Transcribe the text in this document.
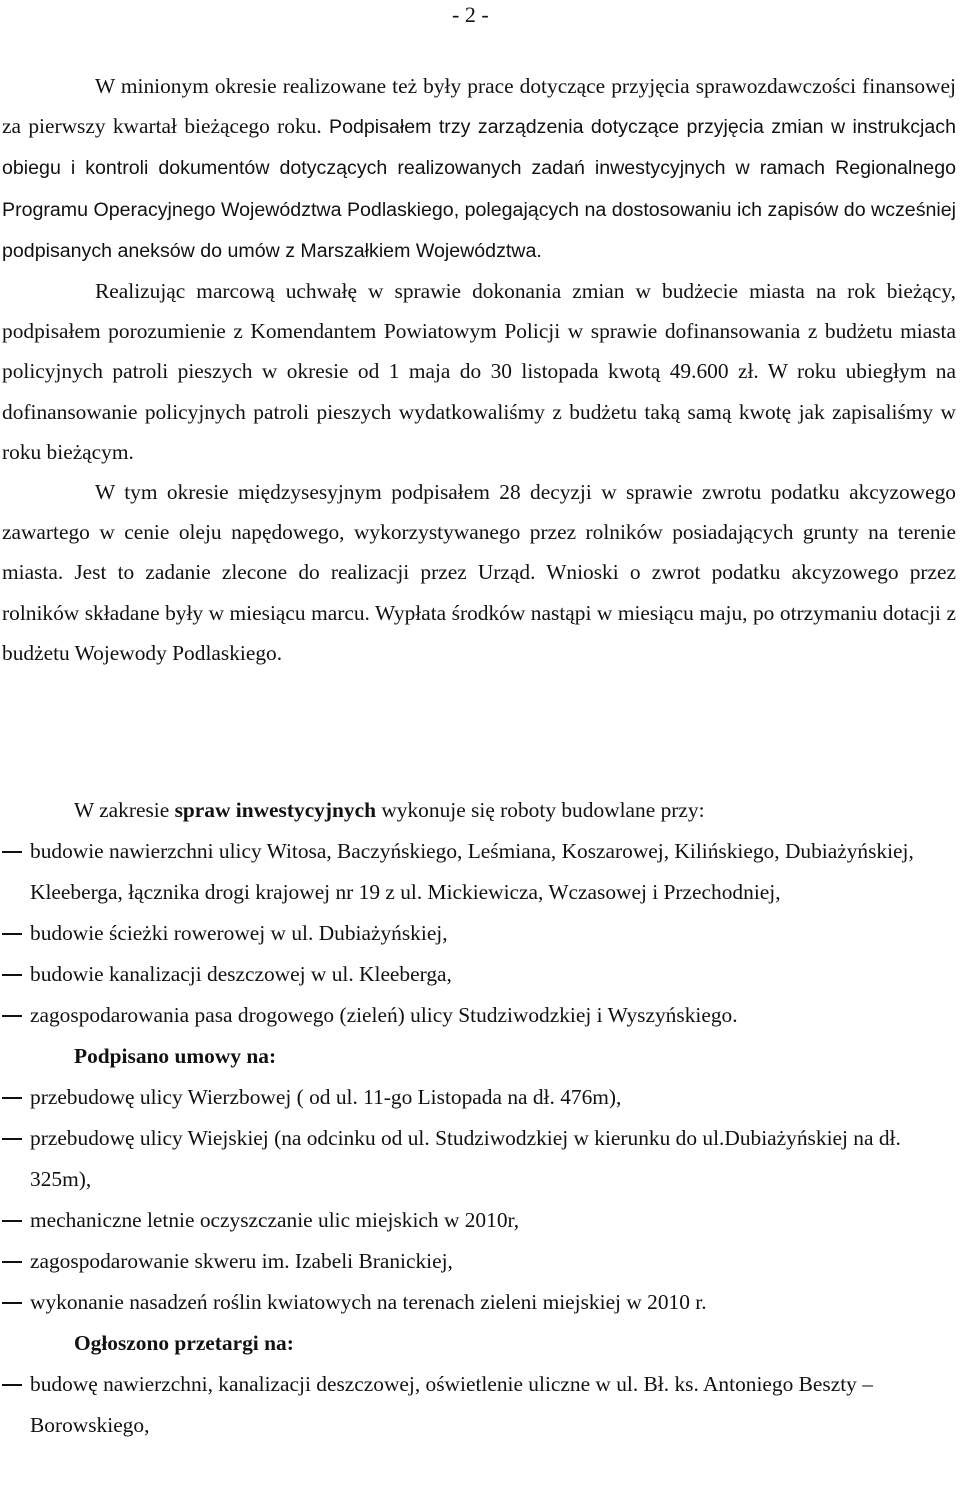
- 2 -

W minionym okresie realizowane też były prace dotyczące przyjęcia sprawozdawczości finansowej za pierwszy kwartał bieżącego roku. Podpisałem trzy zarządzenia dotyczące przyjęcia zmian w instrukcjach obiegu i kontroli dokumentów dotyczących realizowanych zadań inwestycyjnych w ramach Regionalnego Programu Operacyjnego Województwa Podlaskiego, polegających na dostosowaniu ich zapisów do wcześniej podpisanych aneksów do umów z Marszałkiem Województwa.

Realizując marcową uchwałę w sprawie dokonania zmian w budżecie miasta na rok bieżący, podpisałem porozumienie z Komendantem Powiatowym Policji w sprawie dofinansowania z budżetu miasta policyjnych patroli pieszych w okresie od 1 maja do 30 listopada kwotą 49.600 zł. W roku ubiegłym na dofinansowanie policyjnych patroli pieszych wydatkowaliśmy z budżetu taką samą kwotę jak zapisaliśmy w roku bieżącym.

W tym okresie międzysesyjnym podpisałem 28 decyzji w sprawie zwrotu podatku akcyzowego zawartego w cenie oleju napędowego, wykorzystywanego przez rolników posiadających grunty na terenie miasta. Jest to zadanie zlecone do realizacji przez Urząd. Wnioski o zwrot podatku akcyzowego przez rolników składane były w miesiącu marcu. Wypłata środków nastąpi w miesiącu maju, po otrzymaniu dotacji z budżetu Wojewody Podlaskiego.

W zakresie spraw inwestycyjnych wykonuje się roboty budowlane przy:

budowie nawierzchni ulicy Witosa, Baczyńskiego, Leśmiana, Koszarowej, Kilińskiego, Dubiażyńskiej, Kleeberga, łącznika drogi krajowej nr 19 z ul. Mickiewicza, Wczasowej i Przechodniej,
budowie ścieżki rowerowej w ul. Dubiażyńskiej,
budowie kanalizacji deszczowej w ul. Kleeberga,
zagospodarowania pasa drogowego (zieleń) ulicy Studziwodzkiej i Wyszyńskiego.

Podpisano umowy na:

przebudowę ulicy Wierzbowej ( od ul. 11-go Listopada na dł. 476m),
przebudowę ulicy Wiejskiej (na odcinku od ul. Studziwodzkiej w kierunku do ul.Dubiażyńskiej na dł. 325m),
mechaniczne letnie oczyszczanie ulic miejskich w 2010r,
zagospodarowanie skweru im. Izabeli Branickiej,
wykonanie nasadzeń roślin kwiatowych na terenach zieleni miejskiej w 2010 r.

Ogłoszono przetargi na:

budowę nawierzchni, kanalizacji deszczowej, oświetlenie uliczne w ul. Bł. ks. Antoniego Beszty – Borowskiego,
